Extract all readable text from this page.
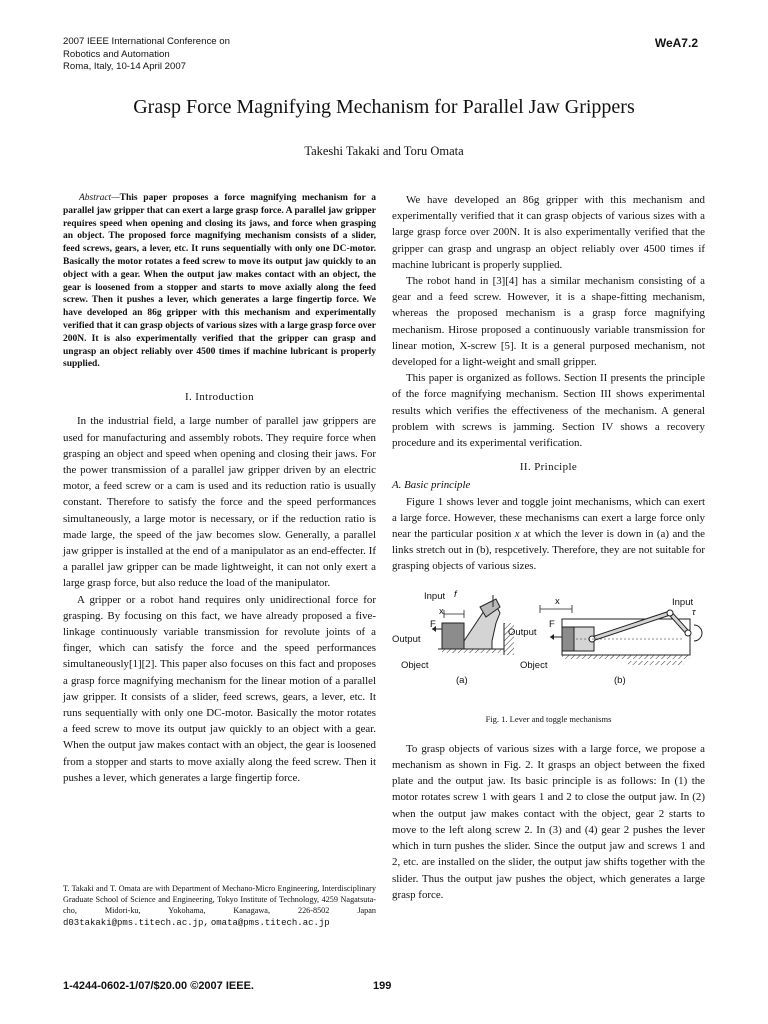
2007 IEEE International Conference on
Robotics and Automation
Roma, Italy, 10-14 April 2007
WeA7.2
Grasp Force Magnifying Mechanism for Parallel Jaw Grippers
Takeshi Takaki and Toru Omata

Abstract—This paper proposes a force magnifying mechanism for a parallel jaw gripper that can exert a large grasp force. A parallel jaw gripper requires speed when opening and closing its jaws, and force when grasping an object. The proposed force magnifying mechanism consists of a slider, feed screws, gears, a lever, etc. It runs sequentially with only one DC-motor. Basically the motor rotates a feed screw to move its output jaw quickly to an object with a gear. When the output jaw makes contact with an object, the gear is loosened from a stopper and starts to move axially along the feed screw. Then it pushes a lever, which generates a large fingertip force. We have developed an 86g gripper with this mechanism and experimentally verified that it can grasp objects of various sizes with a large grasp force over 200N. It is also experimentally verified that the gripper can grasp and ungrasp an object reliably over 4500 times if machine lubricant is properly supplied.

I. Introduction

In the industrial field, a large number of parallel jaw grippers are used for manufacturing and assembly robots. They require force when grasping an object and speed when opening and closing their jaws. For the power transmission of a parallel jaw gripper driven by an electric motor, a feed screw or a cam is used and its reduction ratio is usually constant. Therefore to satisfy the force and the speed performances simultaneously, a large motor is necessary, or if the reduction ratio is made large, the speed of the jaw becomes slow. Generally, a parallel jaw gripper is installed at the end of a manipulator as an end-effecter. If a parallel jaw gripper can be made lightweight, it can not only exert a large grasp force, but also reduce the load of the manipulator.

A gripper or a robot hand requires only unidirectional force for grasping. By focusing on this fact, we have already proposed a five-linkage continuously variable transmission for revolute joints of a finger, which can satisfy the force and the speed performances simultaneously[1][2]. This paper also focuses on this fact and proposes a grasp force magnifying mechanism for the linear motion of a parallel jaw gripper. It consists of a slider, feed screws, gears, a lever, etc. It runs sequentially with only one DC-motor. Basically the motor rotates a feed screw to move its output jaw quickly to an object with a gear. When the output jaw makes contact with an object, the gear is loosened from a stopper and starts to move axially along the feed screw. Then it pushes a lever, which generates a large fingertip force.

T. Takaki and T. Omata are with Department of Mechano-Micro Engineering, Interdisciplinary Graduate School of Science and Engineering, Tokyo Institute of Technology, 4259 Nagatsuta-cho, Midori-ku, Yokohama, Kanagawa, 226-8502 Japan d03takaki@pms.titech.ac.jp, omata@pms.titech.ac.jp

We have developed an 86g gripper with this mechanism and experimentally verified that it can grasp objects of various sizes with a large grasp force over 200N. It is also experimentally verified that the gripper can grasp and ungrasp an object reliably over 4500 times if machine lubricant is properly supplied.

The robot hand in [3][4] has a similar mechanism consisting of a gear and a feed screw. However, it is a shape-fitting mechanism, whereas the proposed mechanism is a grasp force magnifying mechanism. Hirose proposed a continuously variable transmission for linear motion, X-screw [5]. It is a general purposed mechanism, not developed for a light-weight and small gripper.

This paper is organized as follows. Section II presents the principle of the force magnifying mechanism. Section III shows experimental results which verifies the effectiveness of the mechanism. A general problem with screws is jamming. Section IV shows a recovery procedure and its experimental verification.

II. Principle

A. Basic principle

Figure 1 shows lever and toggle joint mechanisms, which can exert a large force. However, these mechanisms can exert a large force only near the particular position x at which the lever is down in (a) and the links stretch out in (b), respcetively. Therefore, they are not suitable for grasping objects of various sizes.

Input f
x
F
Output
Object
(a)
x	Input
τ
F
Output
Object
(b)

Fig. 1. Lever and toggle mechanisms

To grasp objects of various sizes with a large force, we propose a mechanism as shown in Fig. 2. It grasps an object between the fixed plate and the output jaw. Its basic principle is as follows: In (1) the motor rotates screw 1 with gears 1 and 2 to close the output jaw. In (2) when the output jaw makes contact with the object, gear 2 starts to move to the left along screw 2. In (3) and (4) gear 2 pushes the lever which in turn pushes the slider. Since the output jaw and screws 1 and 2, etc. are installed on the slider, the output jaw shifts together with the slider. Thus the output jaw pushes the object, which generates a large grasp force.

1-4244-0602-1/07/$20.00 ©2007 IEEE.	199
